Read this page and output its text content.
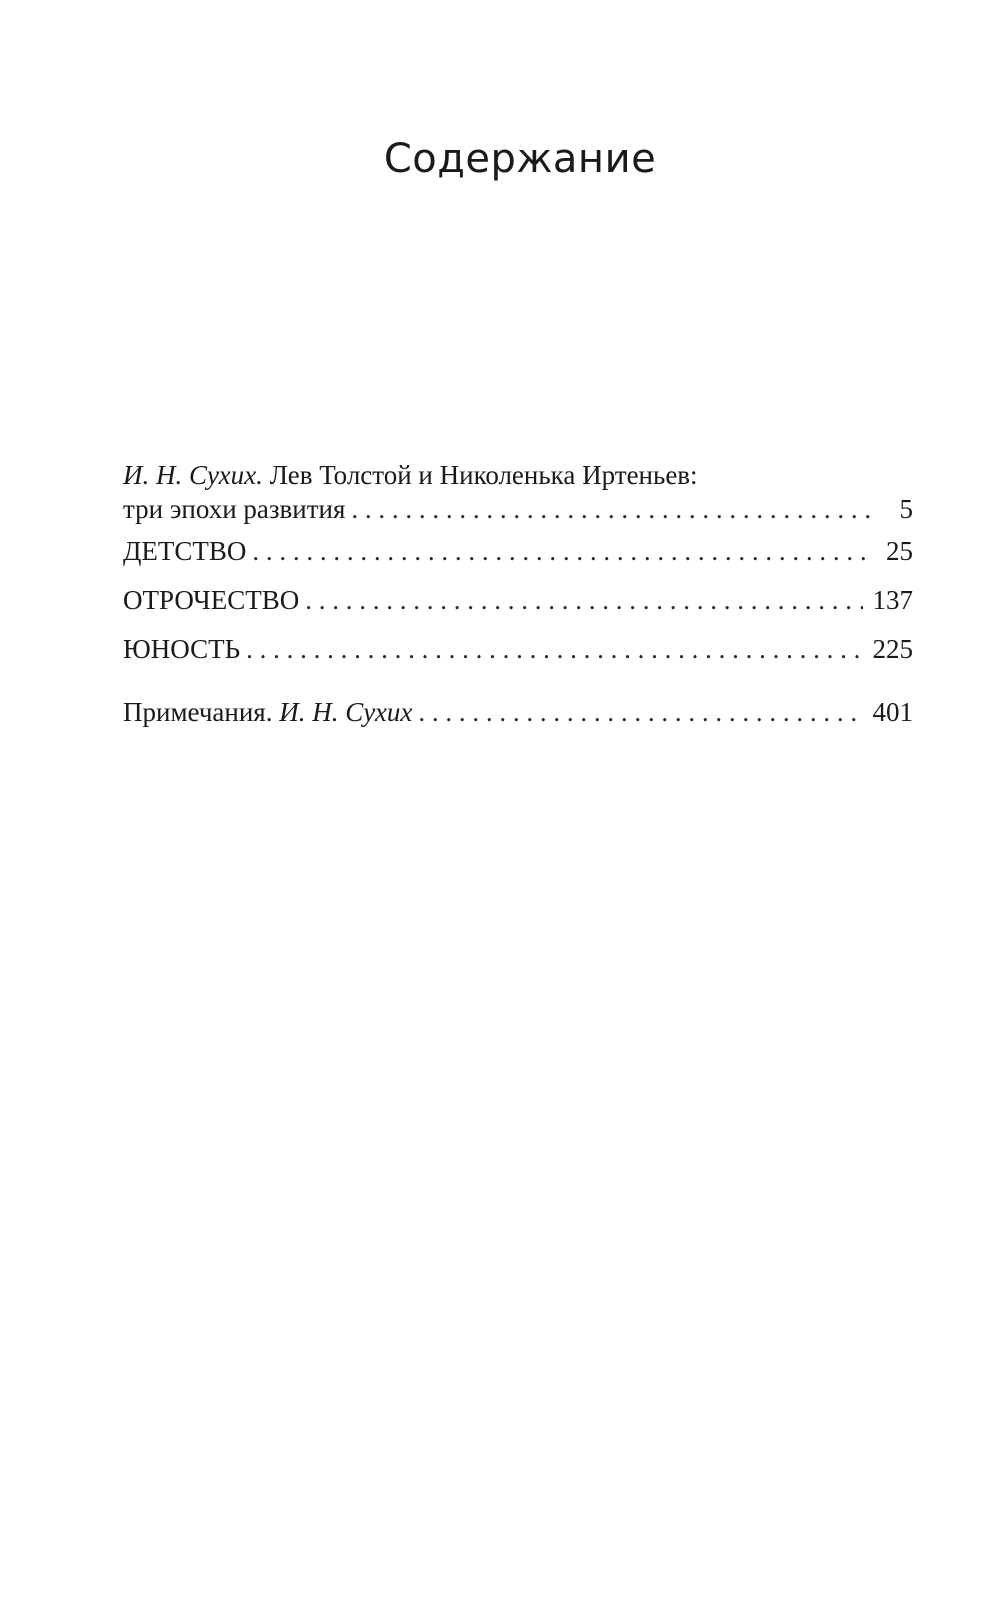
Содержание
И. Н. Сухих.
Лев Толстой и Николенька Иртеньев:
три эпохи развития . . .	5
ДЕТСТВО . . .	25
ОТРОЧЕСТВО . . .	137
ЮНОСТЬ . . .	225
Примечания.
И. Н. Сухих . . .	401
